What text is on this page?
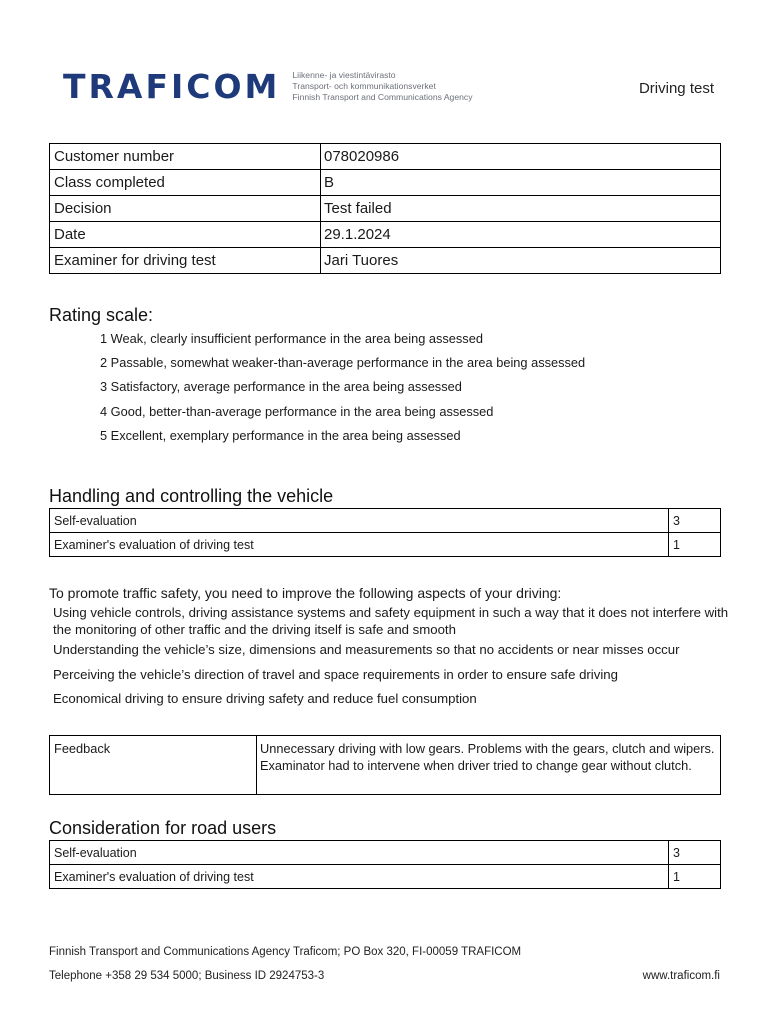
TRAFICOM Liikenne- ja viestintävirasto
Transport- och kommunikationsverket
Finnish Transport and Communications Agency	Driving test
Customer number	078020986
Class completed	B
Decision	Test failed
Date	29.1.2024
Examiner for driving test	Jari Tuores
Rating scale:
1 Weak, clearly insufficient performance in the area being assessed
2 Passable, somewhat weaker-than-average performance in the area being assessed
3 Satisfactory, average performance in the area being assessed
4 Good, better-than-average performance in the area being assessed
5 Excellent, exemplary performance in the area being assessed
Handling and controlling the vehicle
Self-evaluation	3
Examiner's evaluation of driving test	1
To promote traffic safety, you need to improve the following aspects of your driving:
Using vehicle controls, driving assistance systems and safety equipment in such a way that it does not interfere with the monitoring of other traffic and the driving itself is safe and smooth
Understanding the vehicle’s size, dimensions and measurements so that no accidents or near misses occur
Perceiving the vehicle’s direction of travel and space requirements in order to ensure safe driving
Economical driving to ensure driving safety and reduce fuel consumption
Feedback	Unnecessary driving with low gears. Problems with the gears, clutch and wipers. Examinator had to intervene when driver tried to change gear without clutch.
Consideration for road users
Self-evaluation	3
Examiner's evaluation of driving test	1
Finnish Transport and Communications Agency Traficom; PO Box 320, FI-00059 TRAFICOM
Telephone +358 29 534 5000; Business ID 2924753-3	www.traficom.fi
